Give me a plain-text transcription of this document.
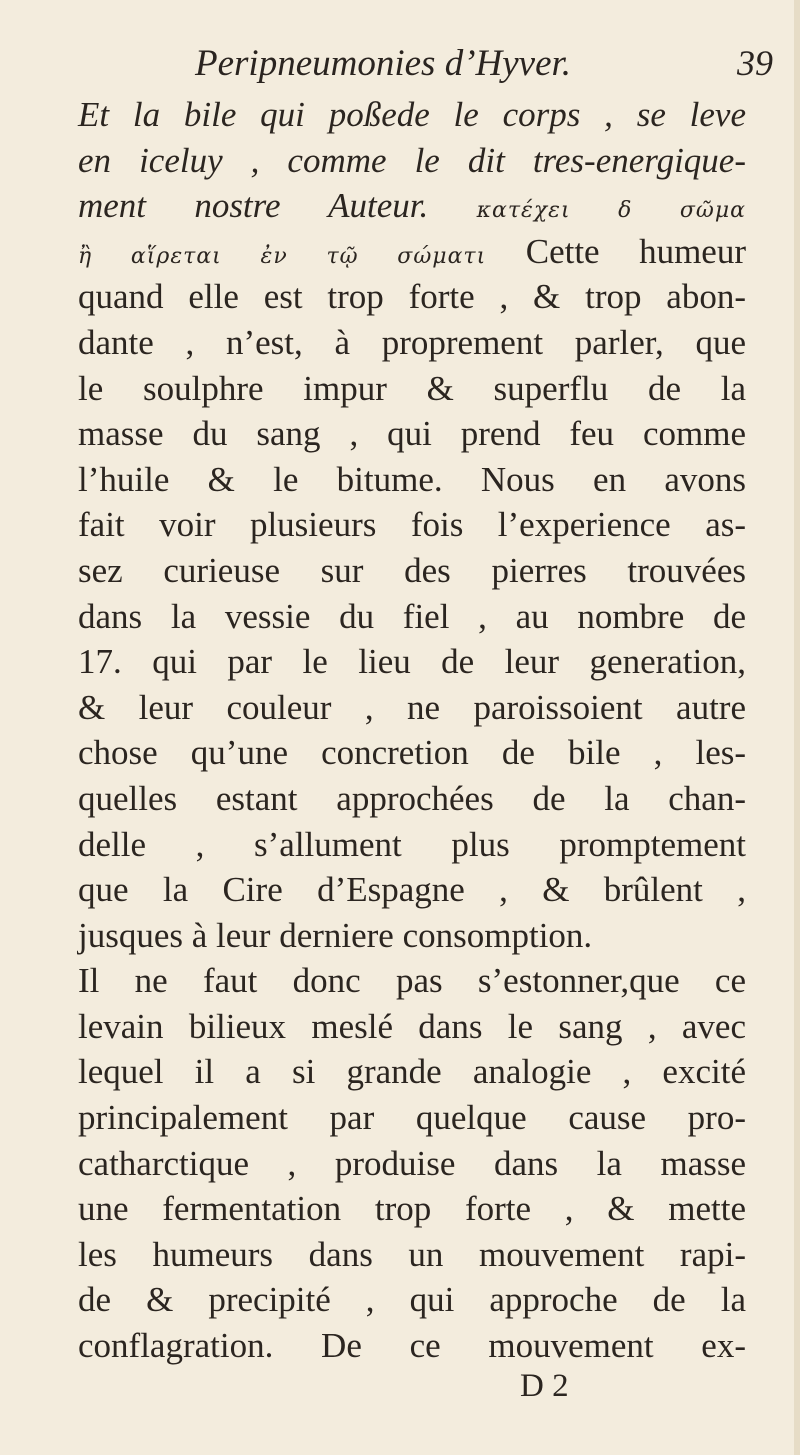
Peripneumonies d’Hyver.	39
Et la bile qui poßede le corps , se leve
en iceluy , comme le dit tres-energique-
ment nostre Auteur. κατέχει δ σῶμα
ἢ αἵρεται ἐν τῷ σώματι Cette humeur
quand elle est trop forte , & trop abon-
dante , n’est, à proprement parler, que
le soulphre impur & superflu de la
masse du sang , qui prend feu comme
l’huile & le bitume. Nous en avons
fait voir plusieurs fois l’experience as-
sez curieuse sur des pierres trouvées
dans la vessie du fiel , au nombre de
17. qui par le lieu de leur generation,
& leur couleur , ne paroissoient autre
chose qu’une concretion de bile , les-
quelles estant approchées de la chan-
delle , s’allument plus promptement
que la Cire d’Espagne , & brûlent ,
jusques à leur derniere consomption.
Il ne faut donc pas s’estonner,que ce
levain bilieux meslé dans le sang , avec
lequel il a si grande analogie , excité
principalement par quelque cause pro-
catharctique , produise dans la masse
une fermentation trop forte , & mette
les humeurs dans un mouvement rapi-
de & precipité , qui approche de la
conflagration. De ce mouvement ex-
D 2
